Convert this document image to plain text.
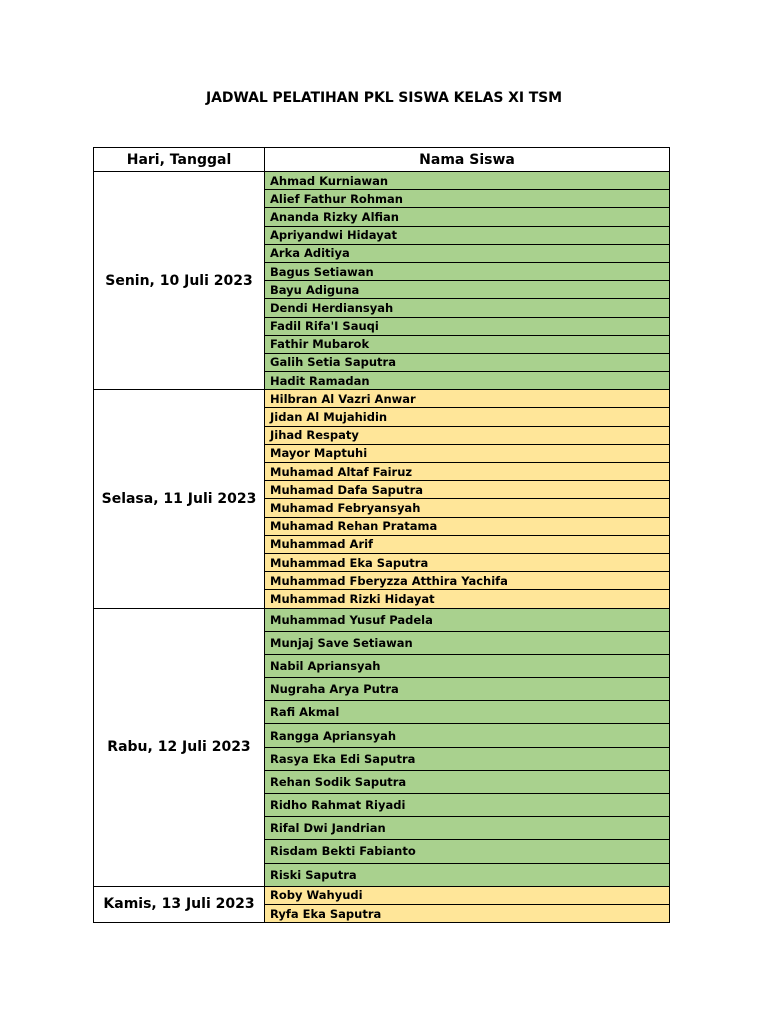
JADWAL PELATIHAN PKL SISWA KELAS XI TSM
Hari, Tanggal	Nama Siswa
Senin, 10 Juli 2023	Ahmad Kurniawan
	Alief Fathur Rohman
	Ananda Rizky Alfian
	Apriyandwi Hidayat
	Arka Aditiya
	Bagus Setiawan
	Bayu Adiguna
	Dendi Herdiansyah
	Fadil Rifa'I Sauqi
	Fathir Mubarok
	Galih Setia Saputra
	Hadit Ramadan
Selasa, 11 Juli 2023	Hilbran Al Vazri Anwar
	Jidan Al Mujahidin
	Jihad Respaty
	Mayor Maptuhi
	Muhamad Altaf Fairuz
	Muhamad Dafa Saputra
	Muhamad Febryansyah
	Muhamad Rehan Pratama
	Muhammad Arif
	Muhammad Eka Saputra
	Muhammad Fberyzza Atthira Yachifa
	Muhammad Rizki Hidayat
Rabu, 12 Juli 2023	Muhammad Yusuf Padela
	Munjaj Save Setiawan
	Nabil Apriansyah
	Nugraha Arya Putra
	Rafi Akmal
	Rangga Apriansyah
	Rasya Eka Edi Saputra
	Rehan Sodik Saputra
	Ridho Rahmat Riyadi
	Rifal Dwi Jandrian
	Risdam Bekti Fabianto
	Riski Saputra
Kamis, 13 Juli 2023	Roby Wahyudi
	Ryfa Eka Saputra
